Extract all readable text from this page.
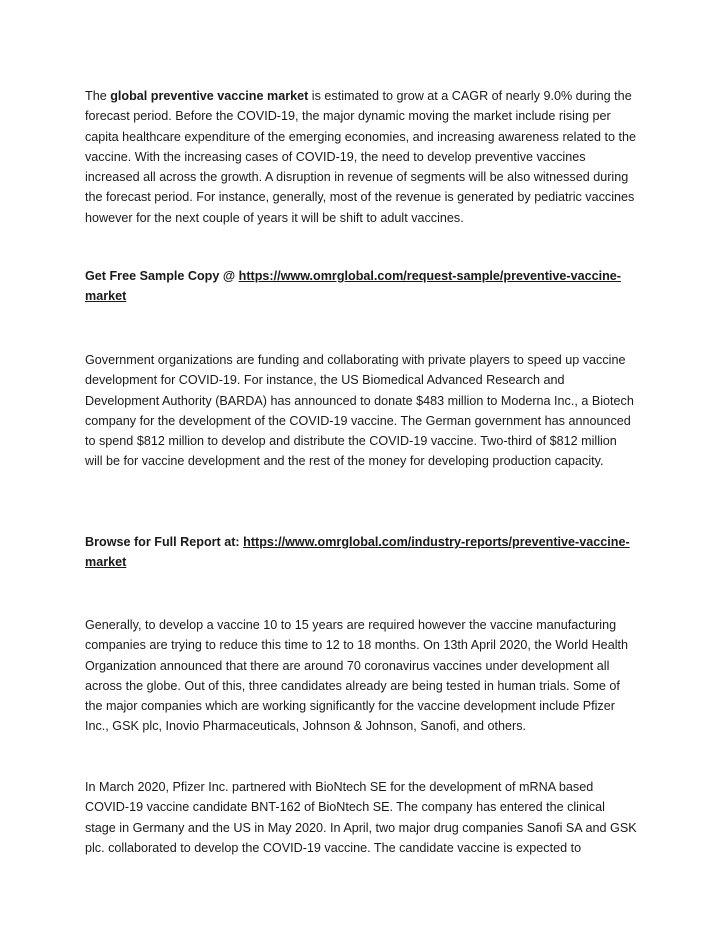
The global preventive vaccine market is estimated to grow at a CAGR of nearly 9.0% during the forecast period. Before the COVID-19, the major dynamic moving the market include rising per capita healthcare expenditure of the emerging economies, and increasing awareness related to the vaccine. With the increasing cases of COVID-19, the need to develop preventive vaccines increased all across the growth. A disruption in revenue of segments will be also witnessed during the forecast period. For instance, generally, most of the revenue is generated by pediatric vaccines however for the next couple of years it will be shift to adult vaccines.

Get Free Sample Copy @ https://www.omrglobal.com/request-sample/preventive-vaccine-market

Government organizations are funding and collaborating with private players to speed up vaccine development for COVID-19. For instance, the US Biomedical Advanced Research and Development Authority (BARDA) has announced to donate $483 million to Moderna Inc., a Biotech company for the development of the COVID-19 vaccine. The German government has announced to spend $812 million to develop and distribute the COVID-19 vaccine. Two-third of $812 million will be for vaccine development and the rest of the money for developing production capacity.

Browse for Full Report at: https://www.omrglobal.com/industry-reports/preventive-vaccine-market

Generally, to develop a vaccine 10 to 15 years are required however the vaccine manufacturing companies are trying to reduce this time to 12 to 18 months. On 13th April 2020, the World Health Organization announced that there are around 70 coronavirus vaccines under development all across the globe. Out of this, three candidates already are being tested in human trials. Some of the major companies which are working significantly for the vaccine development include Pfizer Inc., GSK plc, Inovio Pharmaceuticals, Johnson & Johnson, Sanofi, and others.

In March 2020, Pfizer Inc. partnered with BioNtech SE for the development of mRNA based COVID-19 vaccine candidate BNT-162 of BioNtech SE. The company has entered the clinical stage in Germany and the US in May 2020. In April, two major drug companies Sanofi SA and GSK plc. collaborated to develop the COVID-19 vaccine. The candidate vaccine is expected to
